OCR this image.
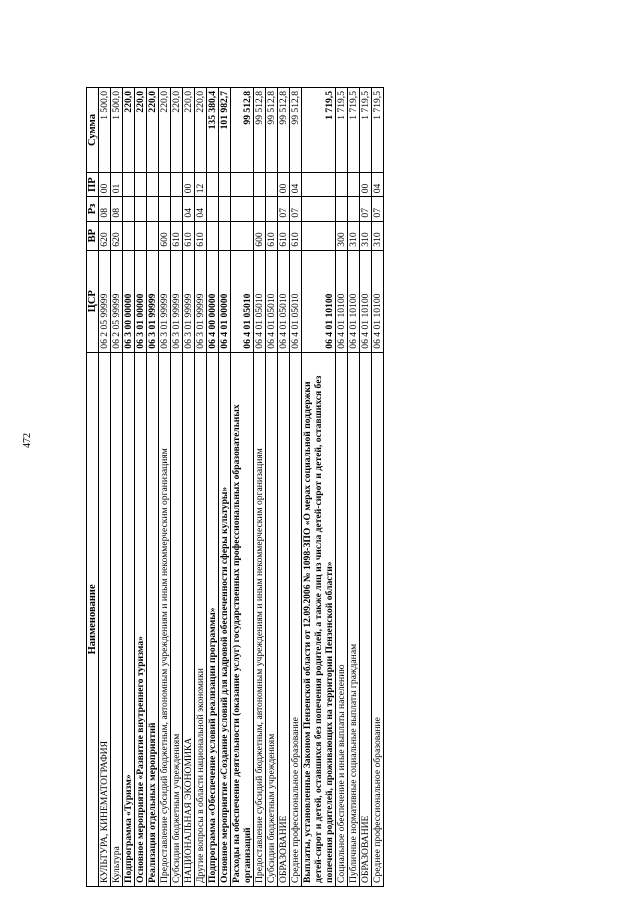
472
Наименование	ЦСР	ВР	Рз	ПР	Сумма
КУЛЬТУРА, КИНЕМАТОГРАФИЯ	06 2 05 99999	620	08	00	1 500,0
Культура	06 2 05 99999	620	08	01	1 500,0
Подпрограмма «Туризм»	06 3 00 00000				220,0
Основное мероприятие «Развитие внутреннего туризма»	06 3 01 00000				220,0
Реализация отдельных мероприятий	06 3 01 99999				220,0
Предоставление субсидий бюджетным, автономным учреждениям и иным некоммерческим организациям	06 3 01 99999	600			220,0
Субсидии бюджетным учреждениям	06 3 01 99999	610			220,0
НАЦИОНАЛЬНАЯ ЭКОНОМИКА	06 3 01 99999	610	04	00	220,0
Другие вопросы в области национальной экономики	06 3 01 99999	610	04	12	220,0
Подпрограмма «Обеспечение условий реализации программы»	06 4 00 00000				135 380,4
Основное мероприятие «Создание условий для кадровой обеспеченности сферы культуры»	06 4 01 00000				101 982,7
Расходы на обеспечение деятельности (оказание услуг) государственных профессиональных образовательных организаций	06 4 01 05010				99 512,8
Предоставление субсидий бюджетным, автономным учреждениям и иным некоммерческим организациям	06 4 01 05010	600			99 512,8
Субсидии бюджетным учреждениям	06 4 01 05010	610			99 512,8
ОБРАЗОВАНИЕ	06 4 01 05010	610	07	00	99 512,8
Среднее профессиональное образование	06 4 01 05010	610	07	04	99 512,8
Выплаты, установленные Законом Пензенской области от 12.09.2006 № 1098-ЗПО «О мерах социальной поддержки детей-сирот и детей, оставшихся без попечения родителей, а также лиц из числа детей-сирот и детей, оставшихся без попечения родителей, проживающих на территории Пензенской области»	06 4 01 10100				1 719,5
Социальное обеспечение и иные выплаты населению	06 4 01 10100	300			1 719,5
Публичные нормативные социальные выплаты гражданам	06 4 01 10100	310			1 719,5
ОБРАЗОВАНИЕ	06 4 01 10100	310	07	00	1 719,5
Среднее профессиональное образование	06 4 01 10100	310	07	04	1 719,5
